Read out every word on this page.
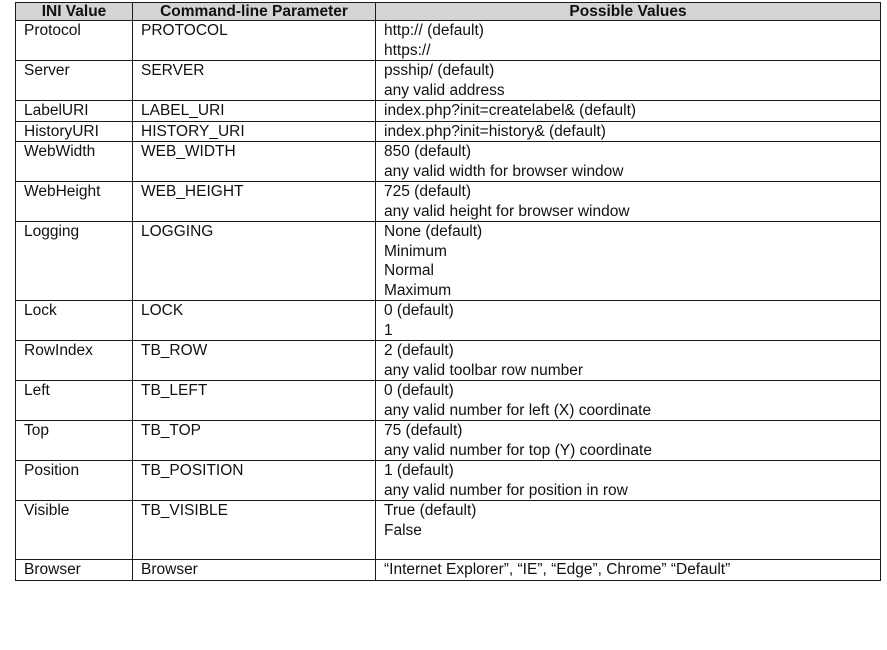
INI Value	Command-line Parameter	Possible Values
Protocol	PROTOCOL	http:// (default)
https://

Server	SERVER	psship/ (default)
any valid address

LabelURI	LABEL_URI	index.php?init=createlabel& (default)

HistoryURI	HISTORY_URI	index.php?init=history& (default)

WebWidth	WEB_WIDTH	850 (default)
any valid width for browser window

WebHeight	WEB_HEIGHT	725 (default)
any valid height for browser window

Logging	LOGGING	None (default)
Minimum
Normal
Maximum

Lock	LOCK	0 (default)
1

RowIndex	TB_ROW	2 (default)
any valid toolbar row number

Left	TB_LEFT	0 (default)
any valid number for left (X) coordinate

Top	TB_TOP	75 (default)
any valid number for top (Y) coordinate

Position	TB_POSITION	1 (default)
any valid number for position in row

Visible	TB_VISIBLE	True (default)
False

Browser	Browser	“Internet Explorer”, “IE”, “Edge”, Chrome” “Default”
